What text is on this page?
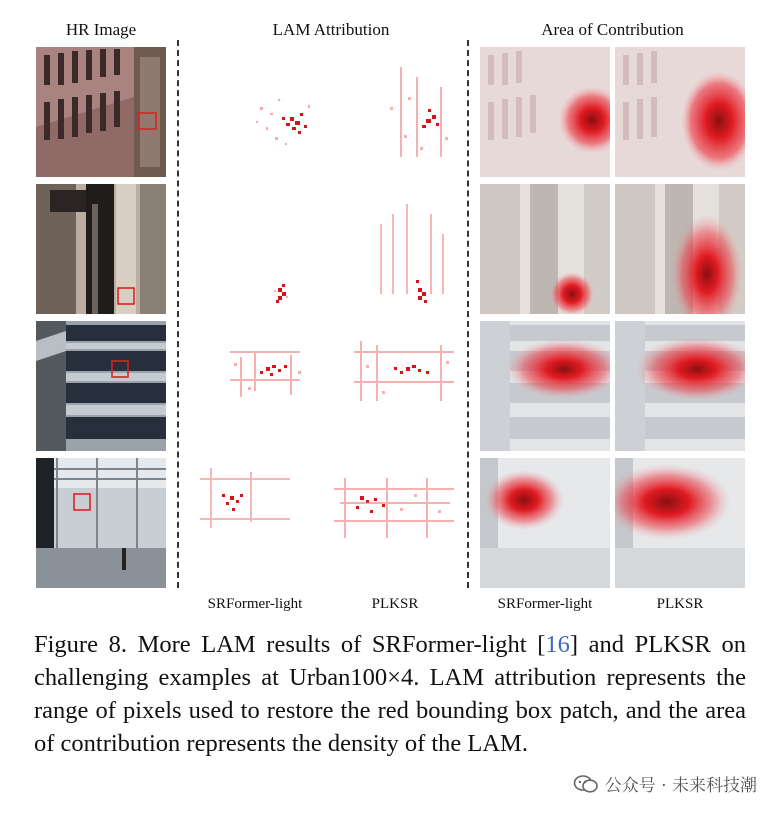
HR Image	LAM Attribution	Area of Contribution
SRFormer-light	PLKSR	SRFormer-light	PLKSR
Figure 8. More LAM results of SRFormer-light [16] and PLKSR on challenging examples at Urban100×4. LAM attribution represents the range of pixels used to restore the red bounding box patch, and the area of contribution represents the density of the LAM.
公众号 · 未来科技潮
